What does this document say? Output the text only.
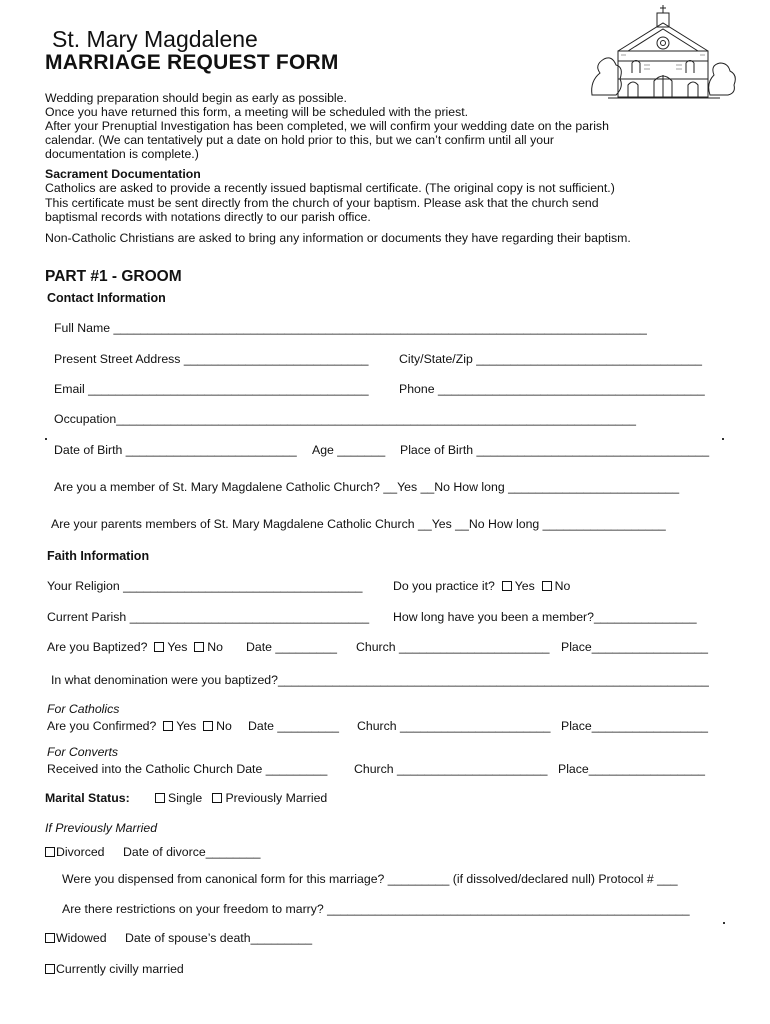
St. Mary Magdalene
MARRIAGE REQUEST FORM
Wedding preparation should begin as early as possible.
Once you have returned this form, a meeting will be scheduled with the priest.
After your Prenuptial Investigation has been completed, we will confirm your wedding date on the parish
calendar. (We can tentatively put a date on hold prior to this, but we can’t confirm until all your
documentation is complete.)
Sacrament Documentation
Catholics are asked to provide a recently issued baptismal certificate. (The original copy is not sufficient.)
This certificate must be sent directly from the church of your baptism. Please ask that the church send
baptismal records with notations directly to our parish office.
Non-Catholic Christians are asked to bring any information or documents they have regarding their baptism.
PART #1 - GROOM
Contact Information
Full Name ______________________________________________________________________________
Present Street Address ___________________________ City/State/Zip _________________________________
Email _________________________________________ Phone _______________________________________
Occupation____________________________________________________________________________
Date of Birth _________________________ Age _______ Place of Birth __________________________________
Are you a member of St. Mary Magdalene Catholic Church? __Yes __No How long _________________________
Are your parents members of St. Mary Magdalene Catholic Church __Yes __No How long __________________
Faith Information
Your Religion ___________________________________ Do you practice it? Yes No
Current Parish ___________________________________ How long have you been a member?_______________
Are you Baptized? Yes No Date _________ Church ______________________ Place_________________
In what denomination were you baptized?_______________________________________________________________
For Catholics
Are you Confirmed? Yes No Date _________ Church ______________________ Place_________________
For Converts
Received into the Catholic Church Date _________ Church ______________________ Place_________________
Marital Status:	Single Previously Married
If Previously Married
Divorced Date of divorce________
Were you dispensed from canonical form for this marriage? _________ (if dissolved/declared null) Protocol # ___
Are there restrictions on your freedom to marry? _____________________________________________________
Widowed Date of spouse’s death_________
Currently civilly married
